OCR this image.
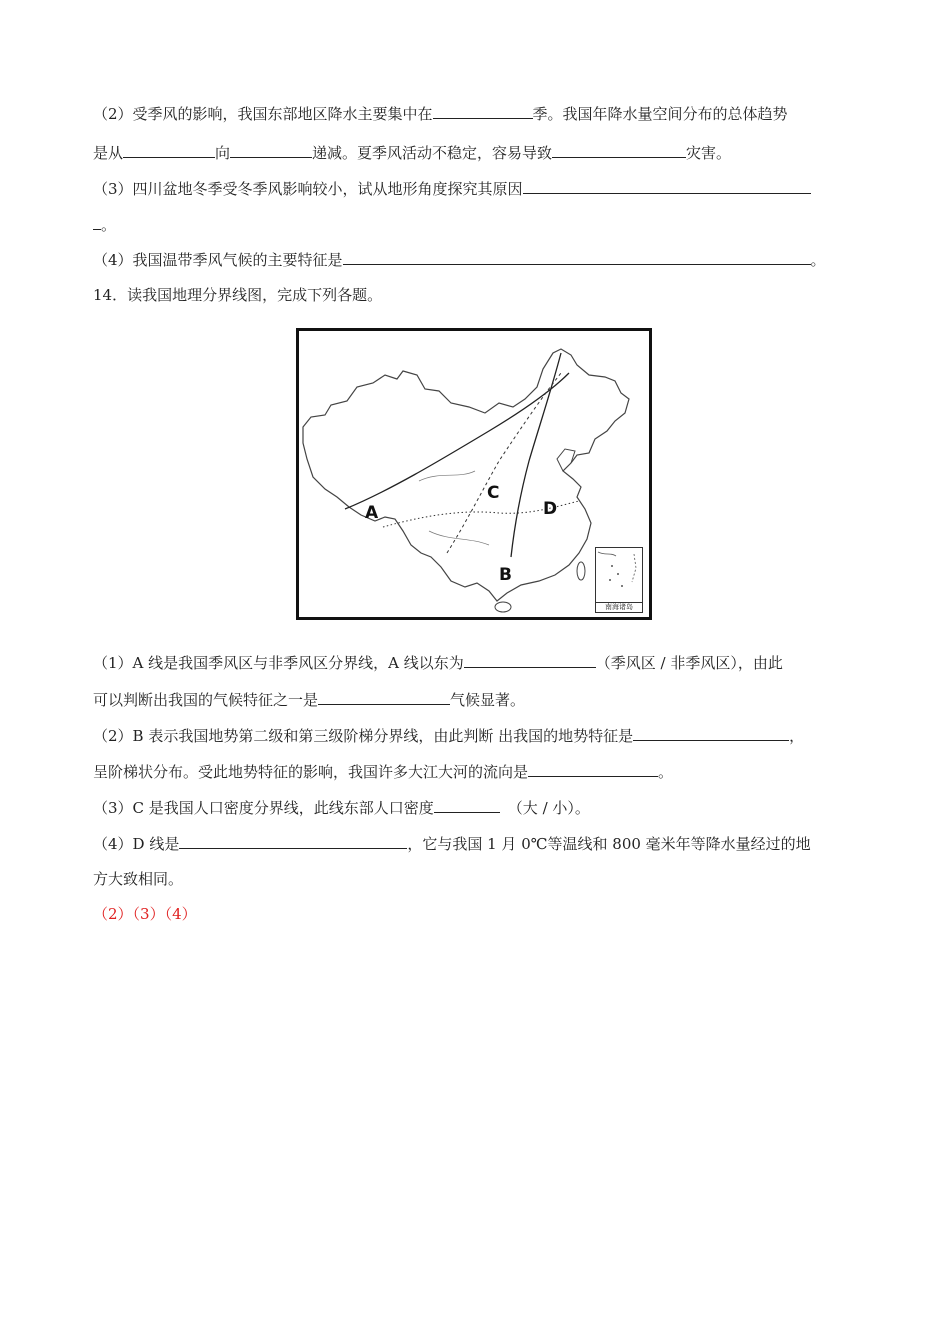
（2）受季风的影响，我国东部地区降水主要集中在	季。我国年降水量空间分布的总体趋势
是从	向	递减。夏季风活动不稳定，容易导致	灾害。
（3）四川盆地冬季受冬季风影响较小，试从地形角度探究其原因
。
（4）我国温带季风气候的主要特征是	。
14．读我国地理分界线图，完成下列各题。
A
B
C
D
南海诸岛
（1）A 线是我国季风区与非季风区分界线，A 线以东为	（季风区 / 非季风区），由此
可以判断出我国的气候特征之一是	气候显著。
（2）B 表示我国地势第二级和第三级阶梯分界线，由此判断 出我国的地势特征是	，
呈阶梯状分布。受此地势特征的影响，我国许多大江大河的流向是	。
（3）C 是我国人口密度分界线，此线东部人口密度	（大 / 小）。
（4）D 线是	，它与我国 1 月 0℃等温线和 800 毫米年等降水量经过的地
方大致相同。
（2）（3）（4）
